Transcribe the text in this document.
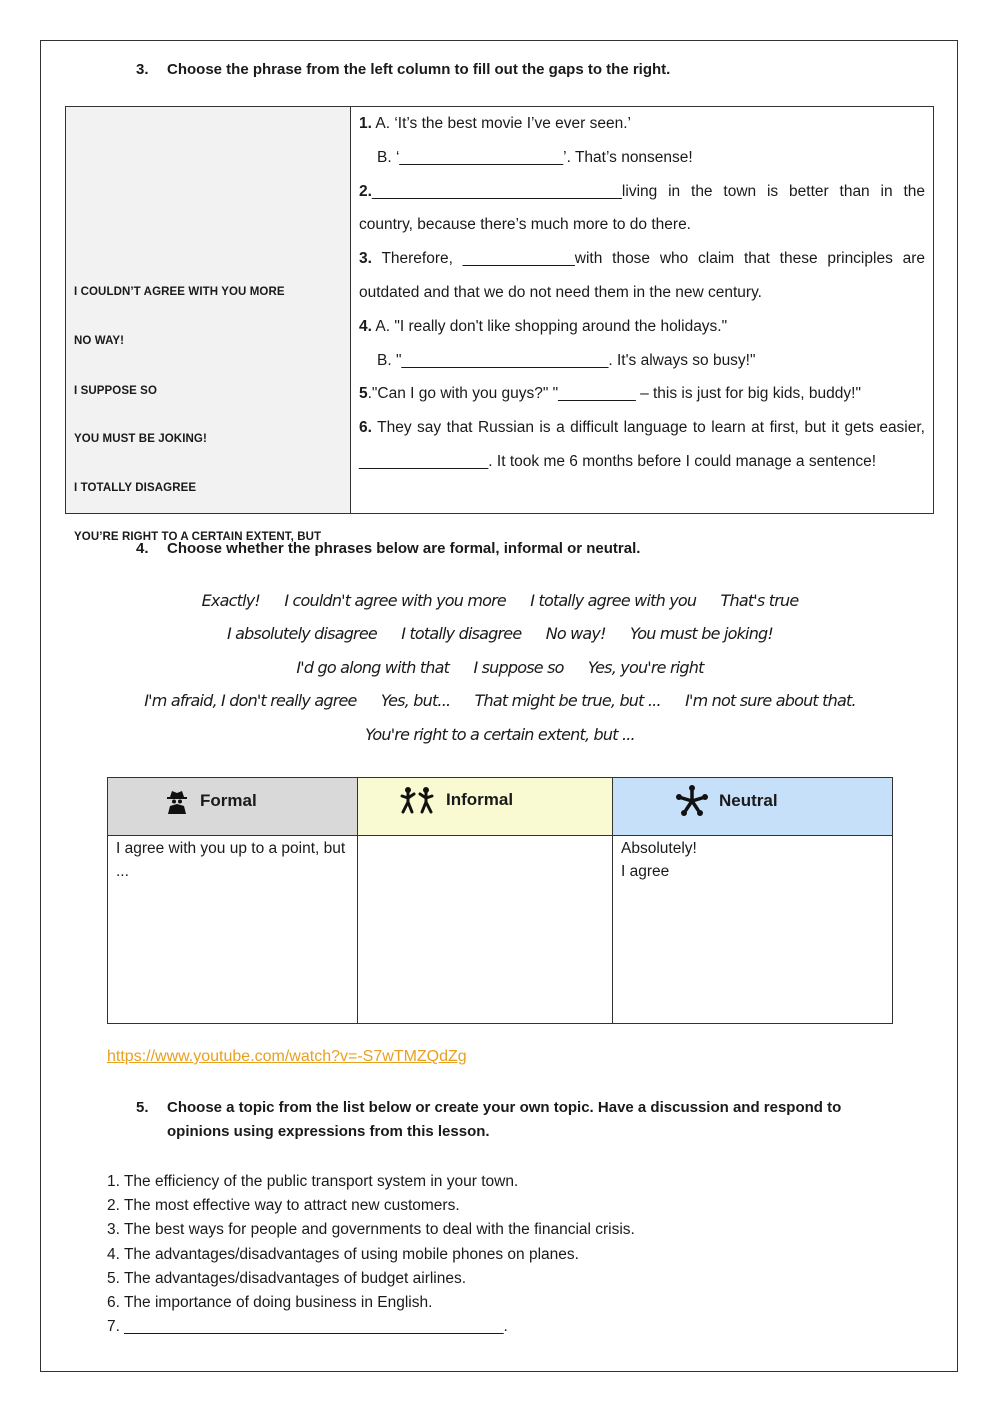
3. Choose the phrase from the left column to fill out the gaps to the right.
I COULDN’T AGREE WITH YOU MORE
NO WAY!
I SUPPOSE SO
YOU MUST BE JOKING!
I TOTALLY DISAGREE
YOU’RE RIGHT TO A CERTAIN EXTENT, BUT

1. A. ‘It’s the best movie I’ve ever seen.’

B. ‘___________________’. That’s nonsense!

2._____________________________living in the town is better than in the country, because there’s much more to do there.

3. Therefore, _____________with those who claim that these principles are outdated and that we do not need them in the new century.

4. A. "I really don't like shopping around the holidays."

B. "________________________. It's always so busy!"

5."Can I go with you guys?" "_________ – this is just for big kids, buddy!"

6. They say that Russian is a difficult language to learn at first, but it gets easier, _______________. It took me 6 months before I could manage a sentence!

4. Choose whether the phrases below are formal, informal or neutral.
Exactly! I couldn't agree with you more I totally agree with you That's true
I absolutely disagree I totally disagree No way! You must be joking!
I'd go along with that I suppose so Yes, you're right
I'm afraid, I don't really agree Yes, but... That might be true, but ... I'm not sure about that.
You're right to a certain extent, but ...
Formal	Informal	Neutral

I agree with you up to a point, but ...		Absolutely!
I agree
https://www.youtube.com/watch?v=-S7wTMZQdZg
5. Choose a topic from the list below or create your own topic. Have a discussion and respond to opinions using expressions from this lesson.
1. The efficiency of the public transport system in your town.
2. The most effective way to attract new customers.
3. The best ways for people and governments to deal with the financial crisis.
4. The advantages/disadvantages of using mobile phones on planes.
5. The advantages/disadvantages of budget airlines.
6. The importance of doing business in English.
7. ____________________________________________.
